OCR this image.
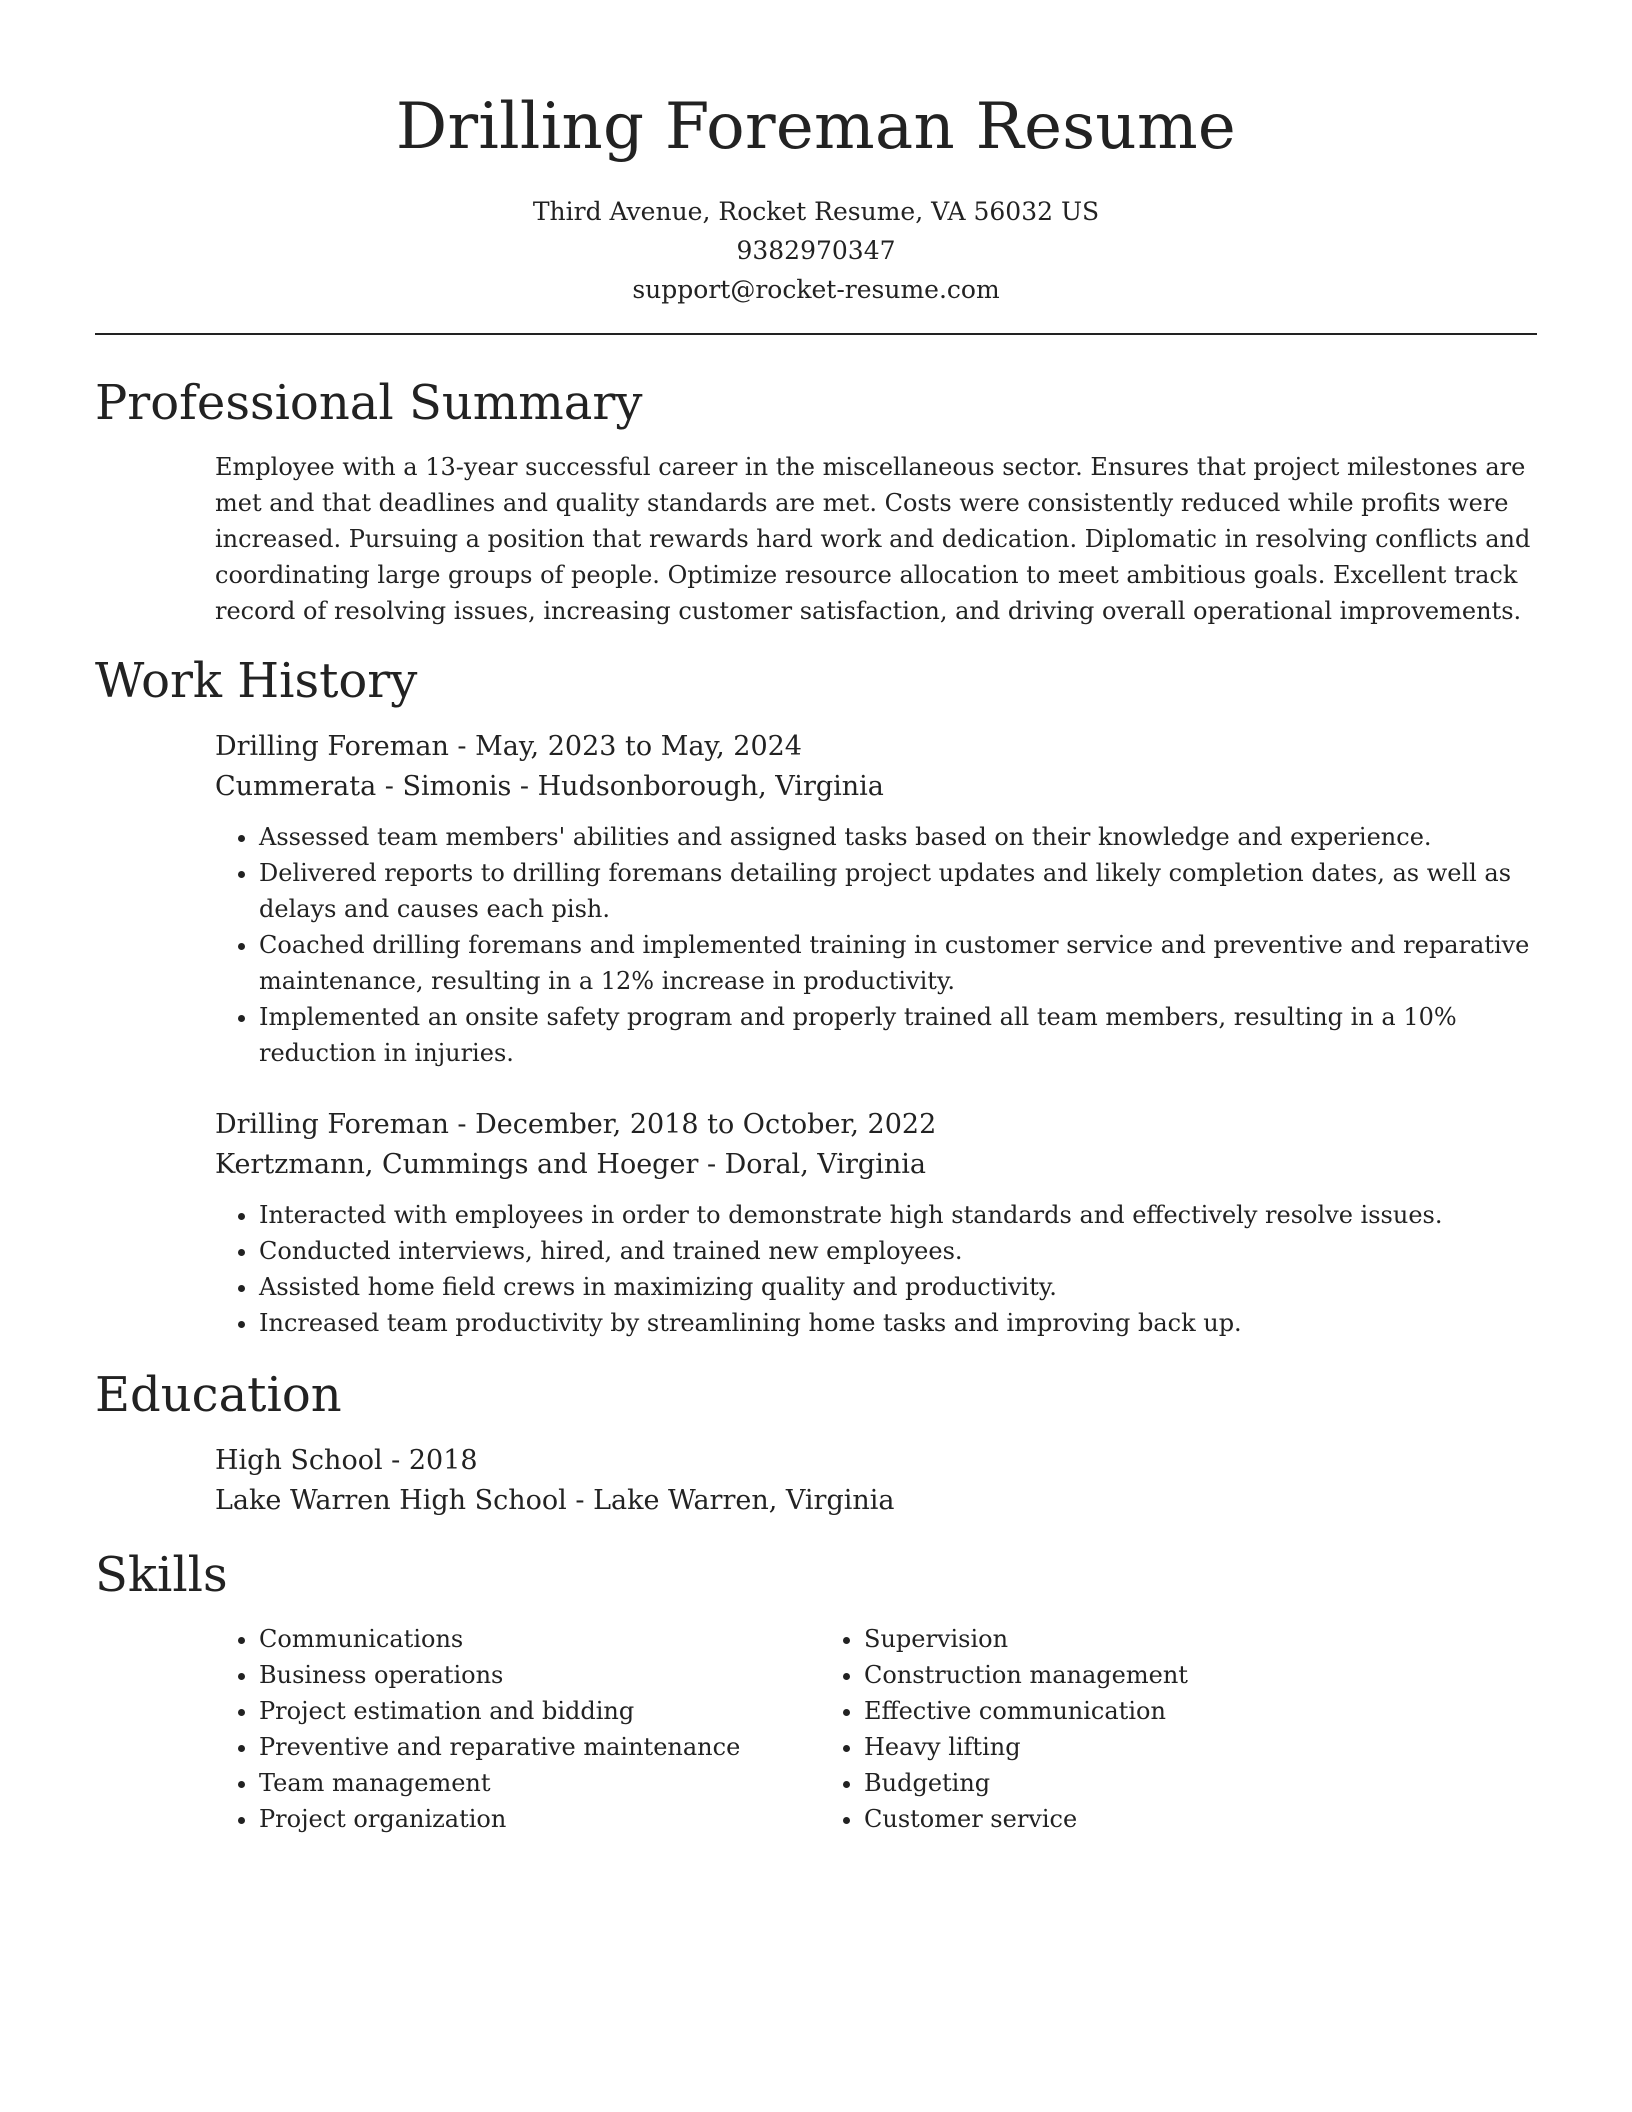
Drilling Foreman Resume
Third Avenue, Rocket Resume, VA 56032 US
9382970347
support@rocket-resume.com
Professional Summary

Employee with a 13-year successful career in the miscellaneous sector. Ensures that project milestones are met and that deadlines and quality standards are met. Costs were consistently reduced while profits were increased. Pursuing a position that rewards hard work and dedication. Diplomatic in resolving conflicts and coordinating large groups of people. Optimize resource allocation to meet ambitious goals. Excellent track record of resolving issues, increasing customer satisfaction, and driving overall operational improvements.

Work History
Drilling Foreman - May, 2023 to May, 2024
Cummerata - Simonis - Hudsonborough, Virginia
• Assessed team members' abilities and assigned tasks based on their knowledge and experience.
• Delivered reports to drilling foremans detailing project updates and likely completion dates, as well as delays and causes each pish.
• Coached drilling foremans and implemented training in customer service and preventive and reparative maintenance, resulting in a 12% increase in productivity.
• Implemented an onsite safety program and properly trained all team members, resulting in a 10% reduction in injuries.
Drilling Foreman - December, 2018 to October, 2022
Kertzmann, Cummings and Hoeger - Doral, Virginia
• Interacted with employees in order to demonstrate high standards and effectively resolve issues.
• Conducted interviews, hired, and trained new employees.
• Assisted home field crews in maximizing quality and productivity.
• Increased team productivity by streamlining home tasks and improving back up.
Education
High School - 2018
Lake Warren High School - Lake Warren, Virginia
Skills
• Communications
• Business operations
• Project estimation and bidding
• Preventive and reparative maintenance
• Team management
• Project organization
• Supervision
• Construction management
• Effective communication
• Heavy lifting
• Budgeting
• Customer service
